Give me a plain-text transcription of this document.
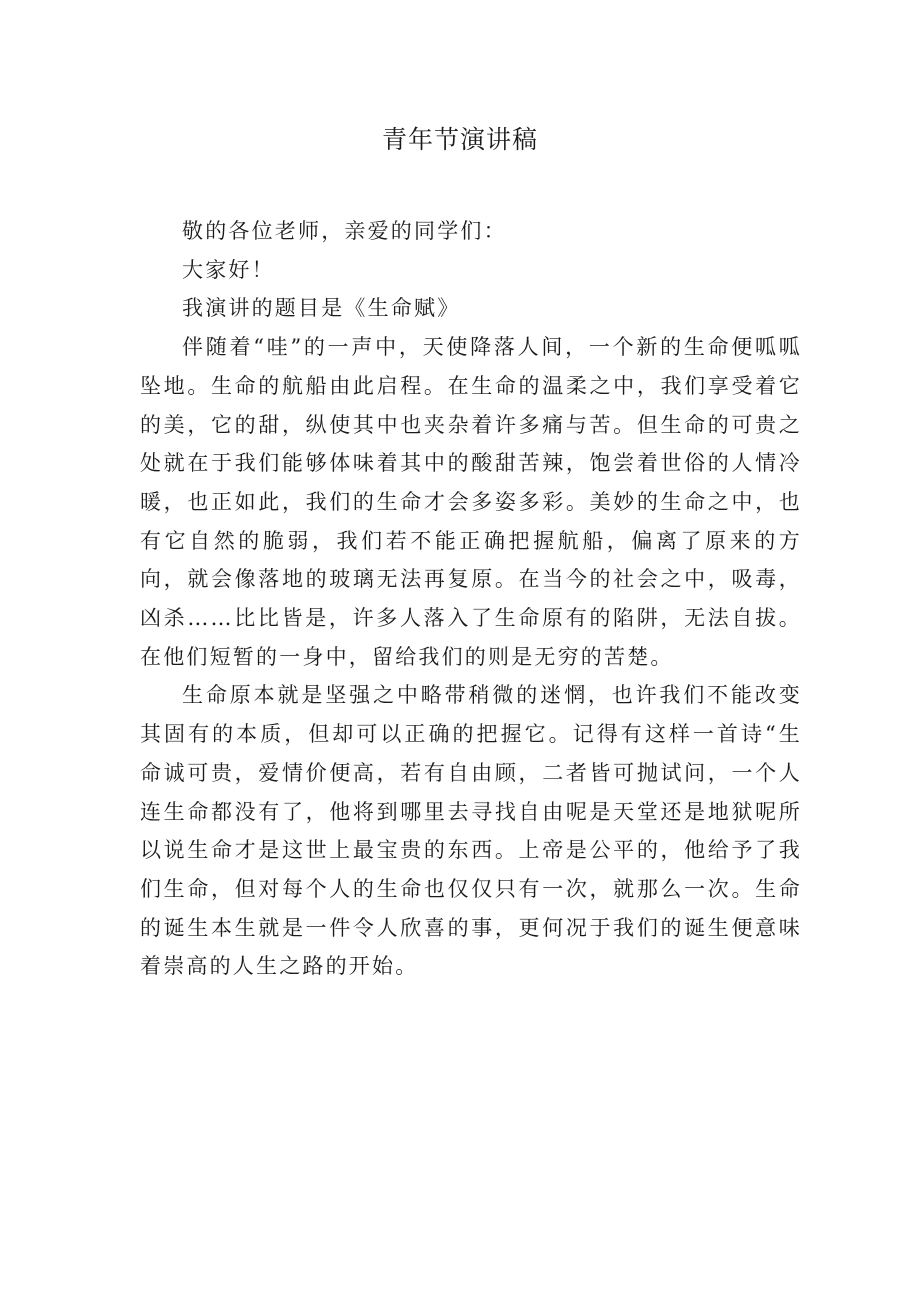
青年节演讲稿

敬的各位老师，亲爱的同学们：

大家好！

我演讲的题目是《生命赋》

伴随着“哇”的一声中，天使降落人间，一个新的生命便呱呱坠地。生命的航船由此启程。在生命的温柔之中，我们享受着它的美，它的甜，纵使其中也夹杂着许多痛与苦。但生命的可贵之处就在于我们能够体味着其中的酸甜苦辣，饱尝着世俗的人情冷暖，也正如此，我们的生命才会多姿多彩。美妙的生命之中，也有它自然的脆弱，我们若不能正确把握航船，偏离了原来的方向，就会像落地的玻璃无法再复原。在当今的社会之中，吸毒，凶杀……比比皆是，许多人落入了生命原有的陷阱，无法自拔。在他们短暂的一身中，留给我们的则是无穷的苦楚。

生命原本就是坚强之中略带稍微的迷惘，也许我们不能改变其固有的本质，但却可以正确的把握它。记得有这样一首诗“生命诚可贵，爱情价便高，若有自由顾，二者皆可抛试问，一个人连生命都没有了，他将到哪里去寻找自由呢是天堂还是地狱呢所以说生命才是这世上最宝贵的东西。上帝是公平的，他给予了我们生命，但对每个人的生命也仅仅只有一次，就那么一次。生命的诞生本生就是一件令人欣喜的事，更何况于我们的诞生便意味着崇高的人生之路的开始。
